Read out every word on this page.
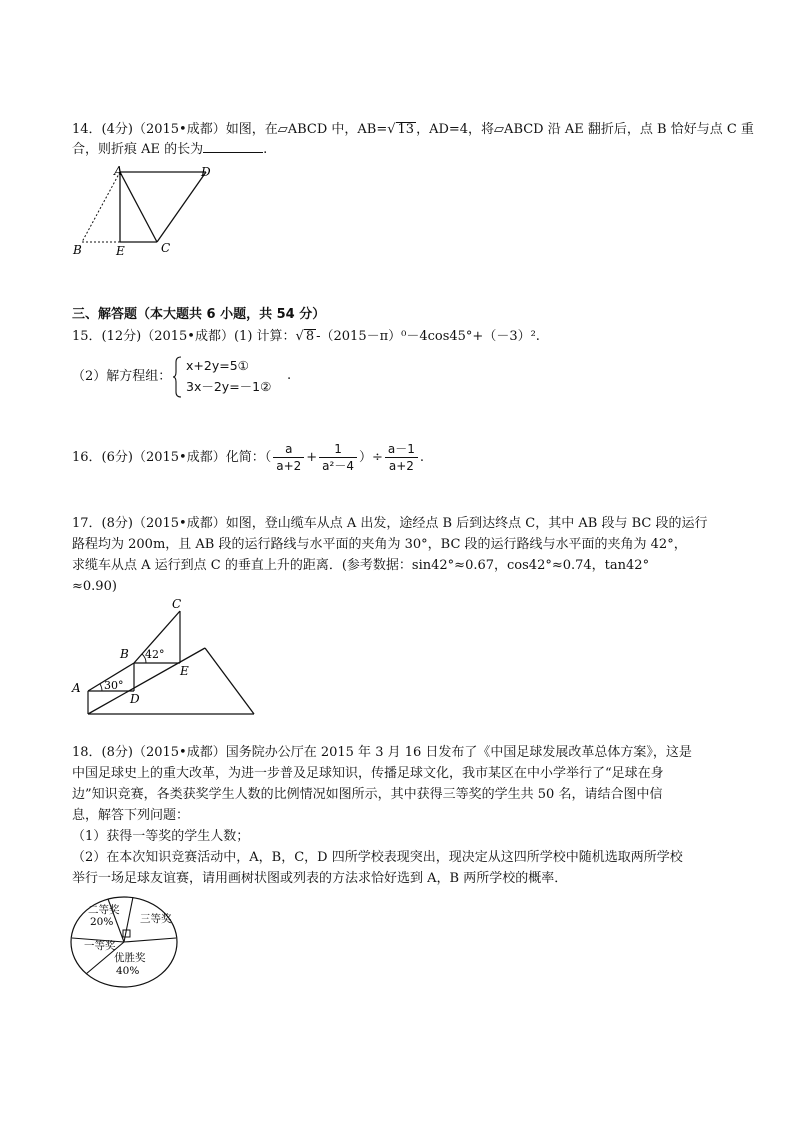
14．(4分)（2015•成都）如图，在▱ABCD 中，AB=√ 13 ，AD=4，将▱ABCD 沿 AE 翻折后，点 B 恰好与点 C 重
合，则折痕 AE 的长为	.
A	D
B	E	C
三、解答题（本大题共 6 小题，共 54 分）
15．(12分)（2015•成都）(1) 计算：√ 8 -（2015－π）⁰－4cos45°+（－3）².
（2）解方程组：
x+2y=5①
3x－2y=－1②
.
16．(6分)（2015•成都）化简：（ $\frac{a}{a+2} + \frac{1}{\text{a²－4}}$ ）÷ $\frac{a-1}{a+2}$ .
17．(8分)（2015•成都）如图，登山缆车从点 A 出发，途经点 B 后到达终点 C，其中 AB 段与 BC 段的运行
路程均为 200m，且 AB 段的运行路线与水平面的夹角为 30°，BC 段的运行路线与水平面的夹角为 42°，
求缆车从点 A 运行到点 C 的垂直上升的距离．(参考数据：sin42°≈0.67，cos42°≈0.74，tan42°
≈0.90)
C
B
A
D
E
30°
42°
18．(8分)（2015•成都）国务院办公厅在 2015 年 3 月 16 日发布了《中国足球发展改革总体方案》，这是
中国足球史上的重大改革，为进一步普及足球知识，传播足球文化，我市某区在中小学举行了“足球在身
边”知识竞赛，各类获奖学生人数的比例情况如图所示，其中获得三等奖的学生共 50 名，请结合图中信
息，解答下列问题：
（1）获得一等奖的学生人数；
（2）在本次知识竞赛活动中，A，B，C，D 四所学校表现突出，现决定从这四所学校中随机选取两所学校
举行一场足球友谊赛，请用画树状图或列表的方法求恰好选到 A，B 两所学校的概率．
二等奖
20%	三等奖
一等奖
优胜奖
40%
